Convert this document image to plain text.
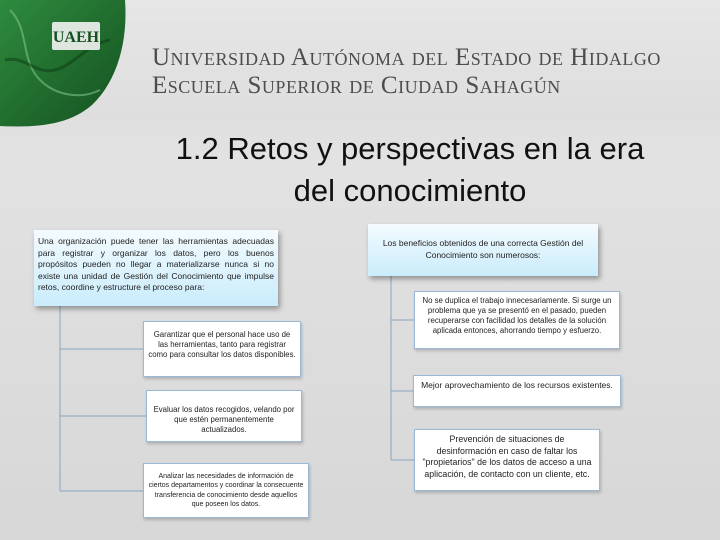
UAEH
Universidad Autónoma del Estado de Hidalgo
Escuela Superior de Ciudad Sahagún
1.2 Retos y perspectivas en la era del conocimiento
Una organización puede tener las herramientas adecuadas para registrar y organizar los datos, pero los buenos propósitos pueden no llegar a materializarse nunca si no existe una unidad de Gestión del Conocimiento que impulse retos, coordine y estructure el proceso para:
Garantizar que el personal hace uso de las herramientas, tanto para registrar como para consultar los datos disponibles.
Evaluar los datos recogidos, velando por que estén permanentemente actualizados.
Analizar las necesidades de información de ciertos departamentos y coordinar la consecuente transferencia de conocimiento desde aquellos que poseen los datos.
Los beneficios obtenidos de una correcta Gestión del Conocimiento son numerosos:
No se duplica el trabajo innecesariamente. Si surge un problema que ya se presentó en el pasado, pueden recuperarse con facilidad los detalles de la solución aplicada entonces, ahorrando tiempo y esfuerzo.
Mejor aprovechamiento de los recursos existentes.
Prevención de situaciones de desinformación en caso de faltar los "propietarios" de los datos de acceso a una aplicación, de contacto con un cliente, etc.
